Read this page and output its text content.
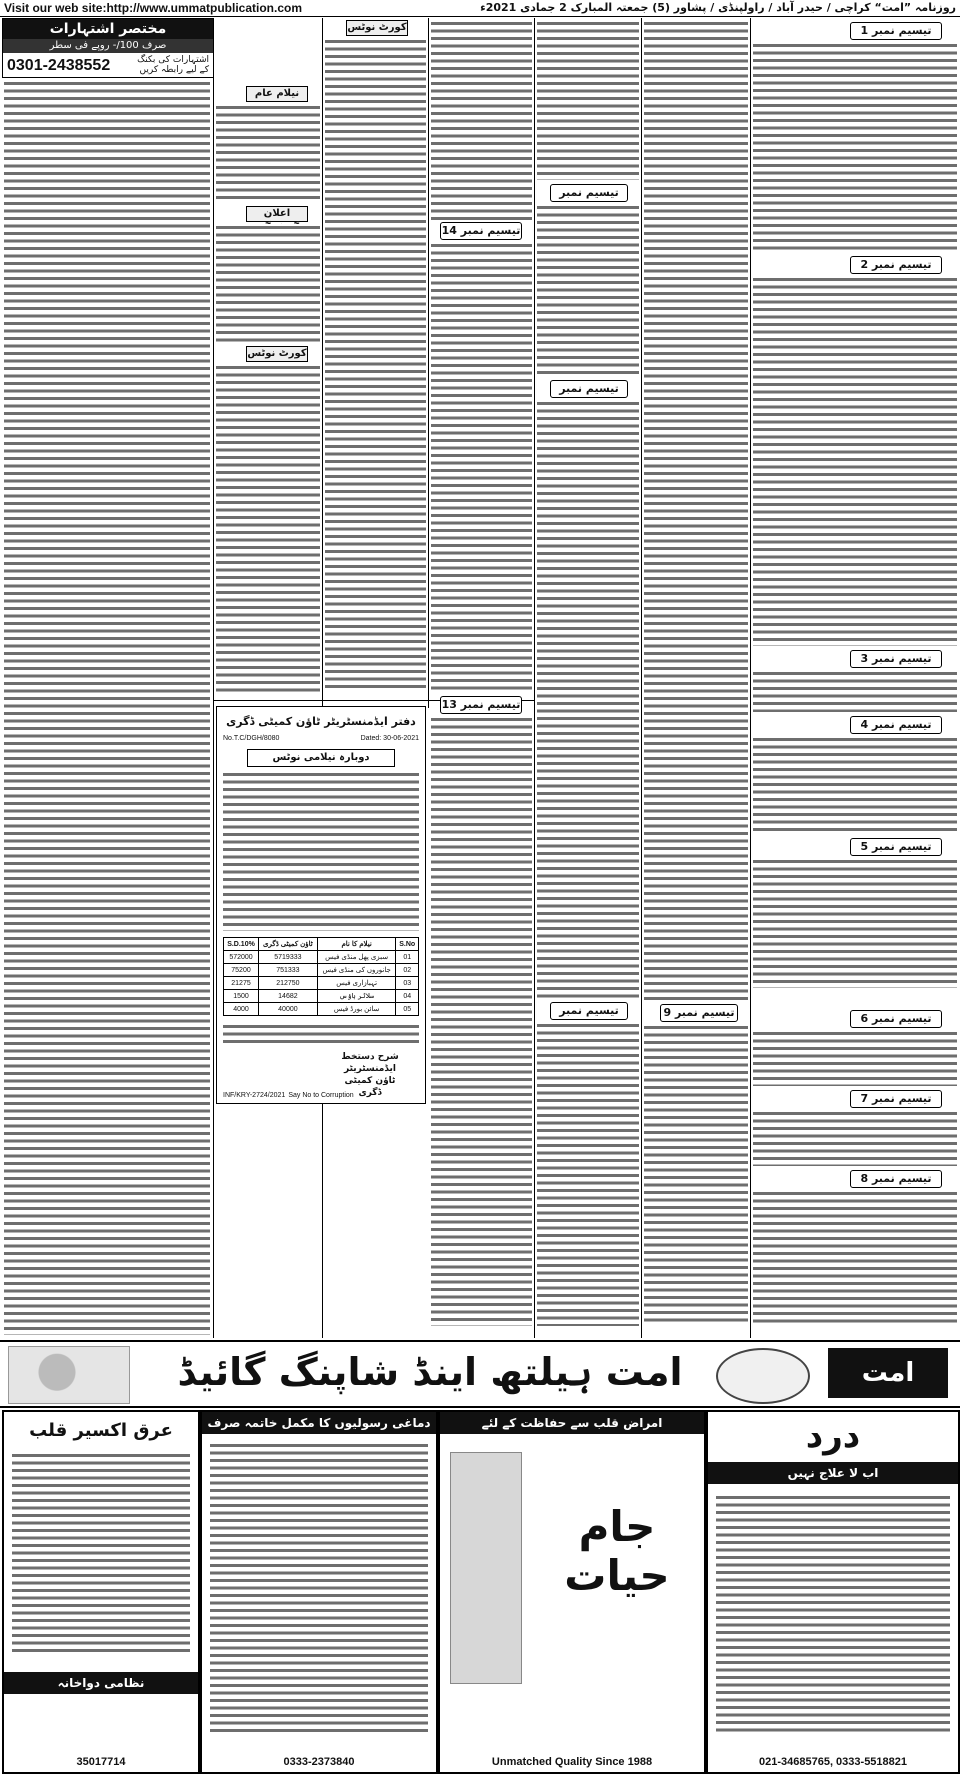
Visit our web site:http://www.ummatpublication.com	روزنامہ ”امت“ کراچی / حیدر آباد / راولپنڈی / پشاور (5) جمعتہ المبارک 2 جمادی 2021ء
مختصر اشتہارات
صرف 100/- روپے فی سطر
0301-2438552	اشتہارات کی بکنگ کے لیے رابطہ کریں
نیلام عام
اعلان
کورٹ نوٹس
کورٹ نوٹس
تیسیم نمبر 14
دفتر ایڈمنسٹریٹر ٹاؤن کمیٹی ڈگری
No.T.C/DGH/8080	Dated: 30-06-2021
دوبارہ نیلامی نوٹس
S.D.10%	ٹاؤن کمیٹی ڈگری	نیلام کا نام	S.No
572000	5719333	سبزی پھل منڈی فیس	01
75200	751333	جانوروں کی منڈی فیس	02
21275	212750	تہبازاری فیس	03
1500	14682	سلاٹر ہاؤس	04
4000	40000	سائن بورڈ فیس	05
شرح دستخط
ایڈمنسٹریٹر
ٹاؤن کمیٹی
ڈگری
Say No to Corruption
INF/KRY-2724/2021
تیسیم نمبر 13
تیسیم نمبر
تیسیم نمبر
تیسیم نمبر	تیسیم نمبر 9
تیسیم نمبر 1
تیسیم نمبر 2
تیسیم نمبر 3
تیسیم نمبر 4
تیسیم نمبر 5
تیسیم نمبر 6
تیسیم نمبر 7
تیسیم نمبر 8
امت ہیلتھ اینڈ شاپنگ گائیڈ	امت
عرق اکسیر قلب
نظامی دواخانہ
35017714
دماغی رسولیوں کا مکمل خاتمہ صرف
0333-2373840
امراض قلب سے حفاظت کے لئے
جام حیات
Unmatched Quality Since 1988
درد
اب لا علاج نہیں
021-34685765, 0333-5518821
